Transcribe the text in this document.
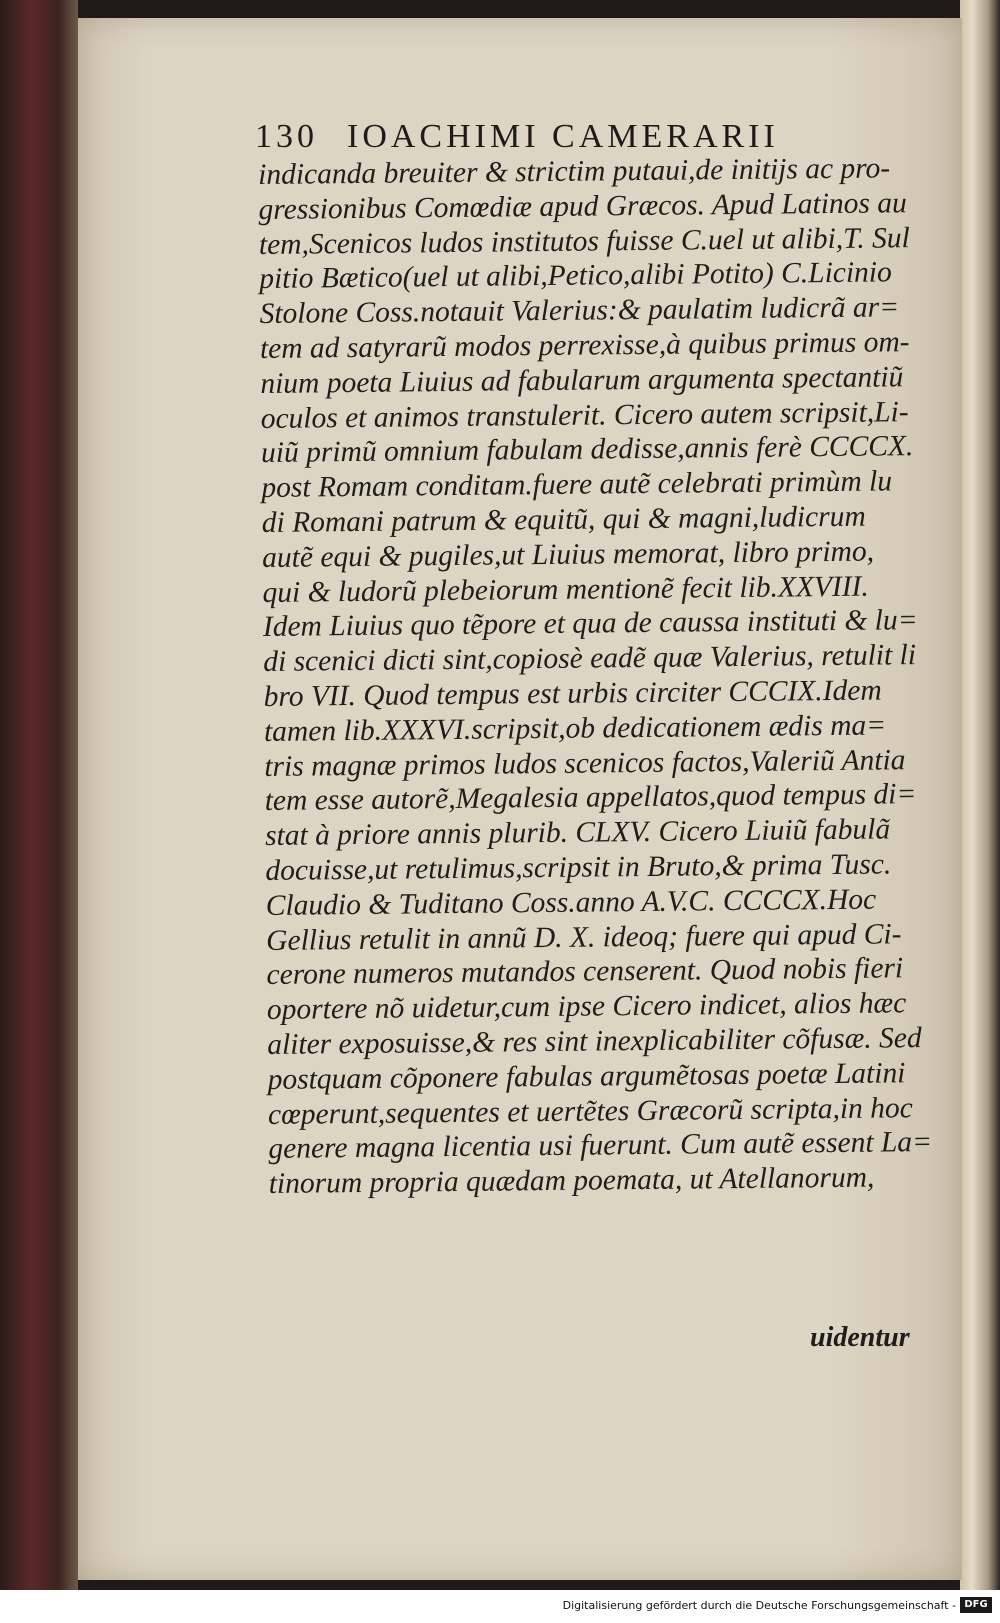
130 IOACHIMI CAMERARII
indicanda breuiter & strictim putaui,de initijs ac pro‑
gressionibus Comœdiæ apud Græcos. Apud Latinos au
tem,Scenicos ludos institutos fuisse C.uel ut alibi,T. Sul
pitio Bætico(uel ut alibi,Petico,alibi Potito) C.Licinio
Stolone Coss.notauit Valerius:& paulatim ludicrã ar=
tem ad satyrarũ modos perrexisse,à quibus primus om‑
nium poeta Liuius ad fabularum argumenta spectantiũ
oculos et animos transtulerit. Cicero autem scripsit,Li‑
uiũ primũ omnium fabulam dedisse,annis ferè CCCCX.
post Romam conditam.fuere autẽ celebrati primùm lu
di Romani patrum & equitũ, qui & magni,ludicrum
autẽ equi & pugiles,ut Liuius memorat, libro primo,
qui & ludorũ plebeiorum mentionẽ fecit lib.XXVIII.
Idem Liuius quo tẽpore et qua de caussa instituti & lu=
di scenici dicti sint,copiosè eadẽ quæ Valerius, retulit li
bro VII. Quod tempus est urbis circiter CCCIX.Idem
tamen lib.XXXVI.scripsit,ob dedicationem ædis ma=
tris magnæ primos ludos scenicos factos,Valeriũ Antia
tem esse autorẽ,Megalesia appellatos,quod tempus di=
stat à priore annis plurib. CLXV. Cicero Liuiũ fabulã
docuisse,ut retulimus,scripsit in Bruto,& prima Tusc.
Claudio & Tuditano Coss.anno A.V.C. CCCCX.Hoc
Gellius retulit in annũ D. X. ideoq; fuere qui apud Ci‑
cerone numeros mutandos censerent. Quod nobis fieri
oportere nõ uidetur,cum ipse Cicero indicet, alios hæc
aliter exposuisse,& res sint inexplicabiliter cõfusæ. Sed
postquam cõponere fabulas argumẽtosas poetæ Latini
cœperunt,sequentes et uertẽtes Græcorũ scripta,in hoc
genere magna licentia usi fuerunt. Cum autẽ essent La=
tinorum propria quædam poemata, ut Atellanorum,
uidentur
Digitalisierung gefördert durch die Deutsche Forschungsgemeinschaft - DFG
